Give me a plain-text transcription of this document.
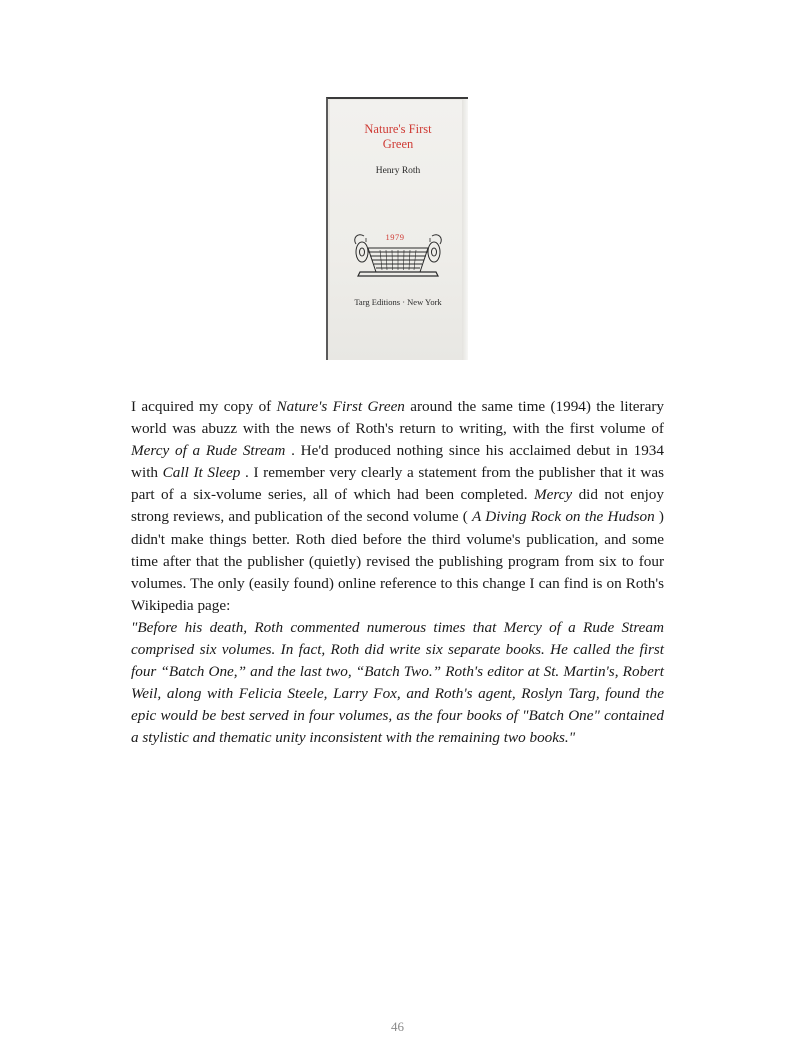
Nature's First
Green
Henry Roth
1979
Targ Editions · New York

I acquired my copy of Nature's First Green around the same time (1994) the literary world was abuzz with the news of Roth's return to writing, with the first volume of Mercy of a Rude Stream . He'd produced nothing since his acclaimed debut in 1934 with Call It Sleep . I remember very clearly a statement from the publisher that it was part of a six-volume series, all of which had been completed. Mercy did not enjoy strong reviews, and publication of the second volume ( A Diving Rock on the Hudson ) didn't make things better. Roth died before the third volume's publication, and some time after that the publisher (quietly) revised the publishing program from six to four volumes. The only (easily found) online reference to this change I can find is on Roth's Wikipedia page:

"Before his death, Roth commented numerous times that Mercy of a Rude Stream comprised six volumes. In fact, Roth did write six separate books. He called the first four “Batch One,” and the last two, “Batch Two.” Roth's editor at St. Martin's, Robert Weil, along with Felicia Steele, Larry Fox, and Roth's agent, Roslyn Targ, found the epic would be best served in four volumes, as the four books of "Batch One" contained a stylistic and thematic unity inconsistent with the remaining two books."

46
